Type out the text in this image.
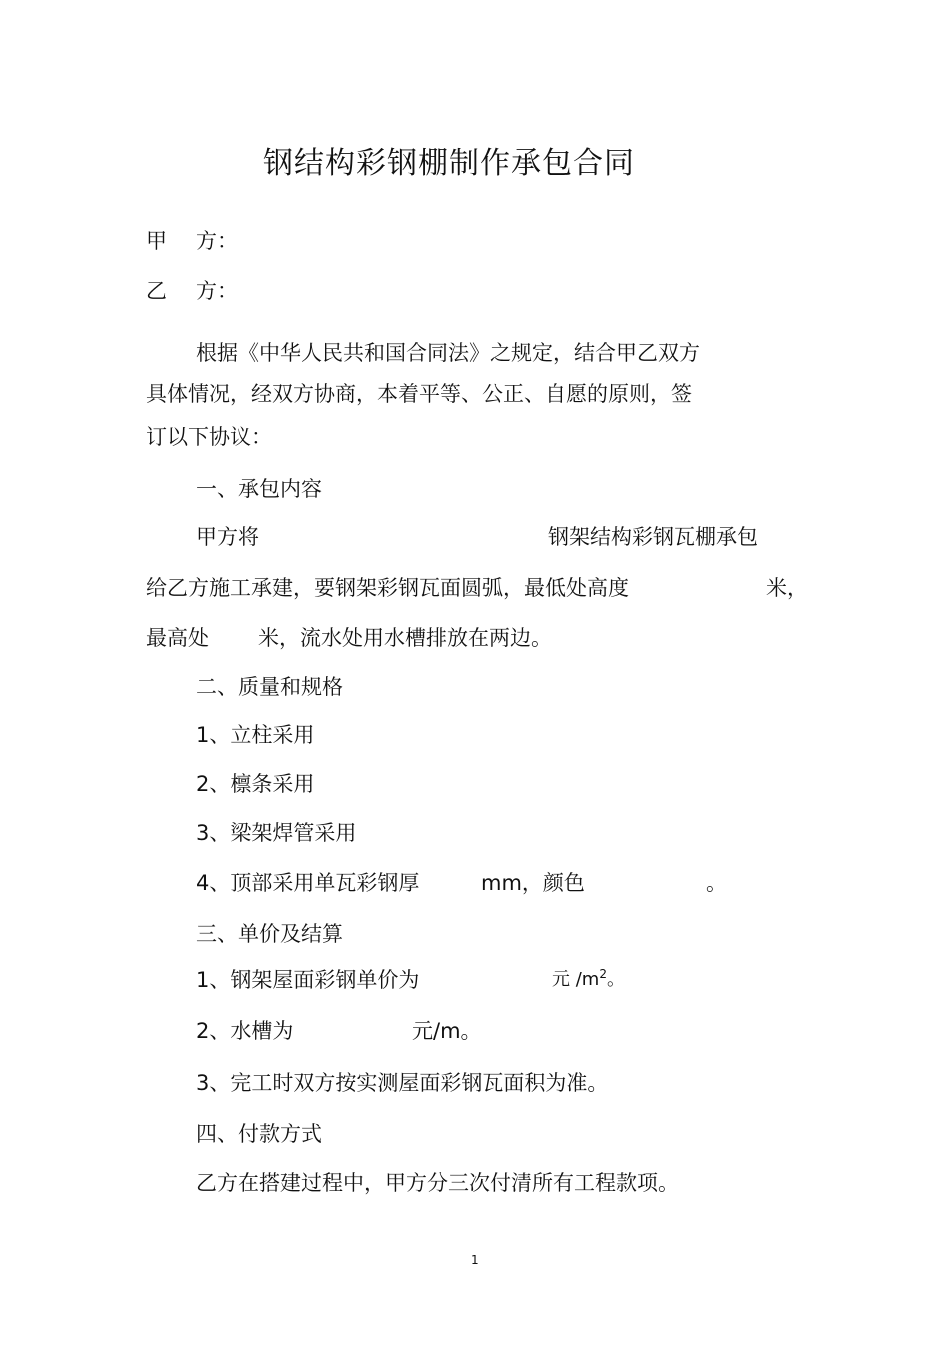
钢结构彩钢棚制作承包合同
甲 方：
乙 方：
根据《中华人民共和国合同法》之规定，结合甲乙双方
具体情况，经双方协商，本着平等、公正、自愿的原则，签
订以下协议：
一、承包内容
甲方将	钢架结构彩钢瓦棚承包
给乙方施工承建，要钢架彩钢瓦面圆弧，最低处高度	米，
最高处 米，流水处用水槽排放在两边。
二、质量和规格
1、立柱采用
2、檩条采用
3、梁架焊管采用
4、顶部采用单瓦彩钢厚	mm，颜色	。
三、单价及结算
1、钢架屋面彩钢单价为	元 $/m^2$。
2、水槽为	元/m。
3、完工时双方按实测屋面彩钢瓦面积为准。
四、付款方式
乙方在搭建过程中，甲方分三次付清所有工程款项。
1
